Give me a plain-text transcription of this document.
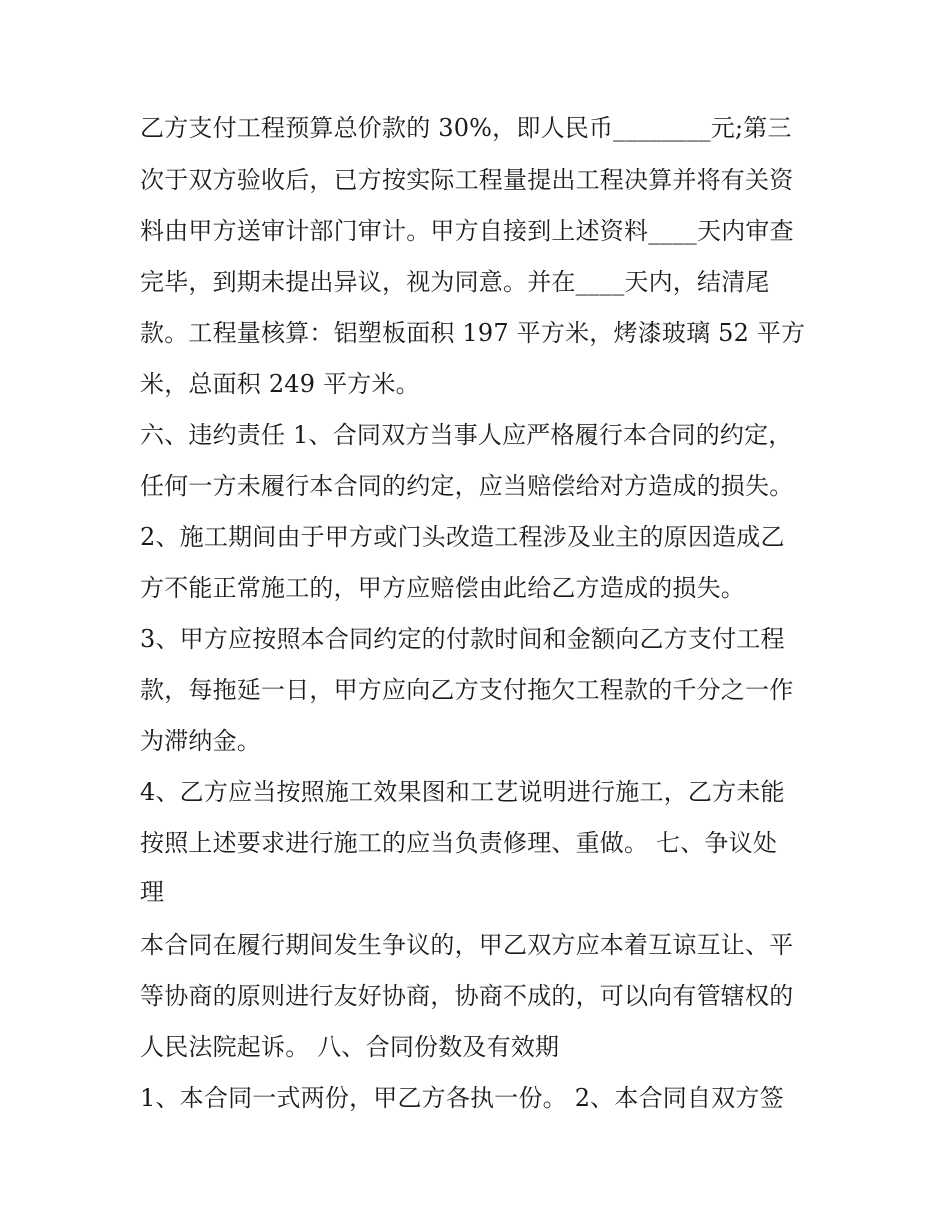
乙方支付工程预算总价款的 30%，即人民币________元;第三
次于双方验收后，已方按实际工程量提出工程决算并将有关资
料由甲方送审计部门审计。甲方自接到上述资料____天内审查
完毕，到期未提出异议，视为同意。并在____天内，结清尾
款。工程量核算：铝塑板面积 197 平方米，烤漆玻璃 52 平方
米，总面积 249 平方米。
六、违约责任 1、合同双方当事人应严格履行本合同的约定，
任何一方未履行本合同的约定，应当赔偿给对方造成的损失。
2、施工期间由于甲方或门头改造工程涉及业主的原因造成乙
方不能正常施工的，甲方应赔偿由此给乙方造成的损失。
3、甲方应按照本合同约定的付款时间和金额向乙方支付工程
款，每拖延一日，甲方应向乙方支付拖欠工程款的千分之一作
为滞纳金。
4、乙方应当按照施工效果图和工艺说明进行施工，乙方未能
按照上述要求进行施工的应当负责修理、重做。 七、争议处
理
本合同在履行期间发生争议的，甲乙双方应本着互谅互让、平
等协商的原则进行友好协商，协商不成的，可以向有管辖权的
人民法院起诉。 八、合同份数及有效期
1、本合同一式两份，甲乙方各执一份。 2、本合同自双方签
